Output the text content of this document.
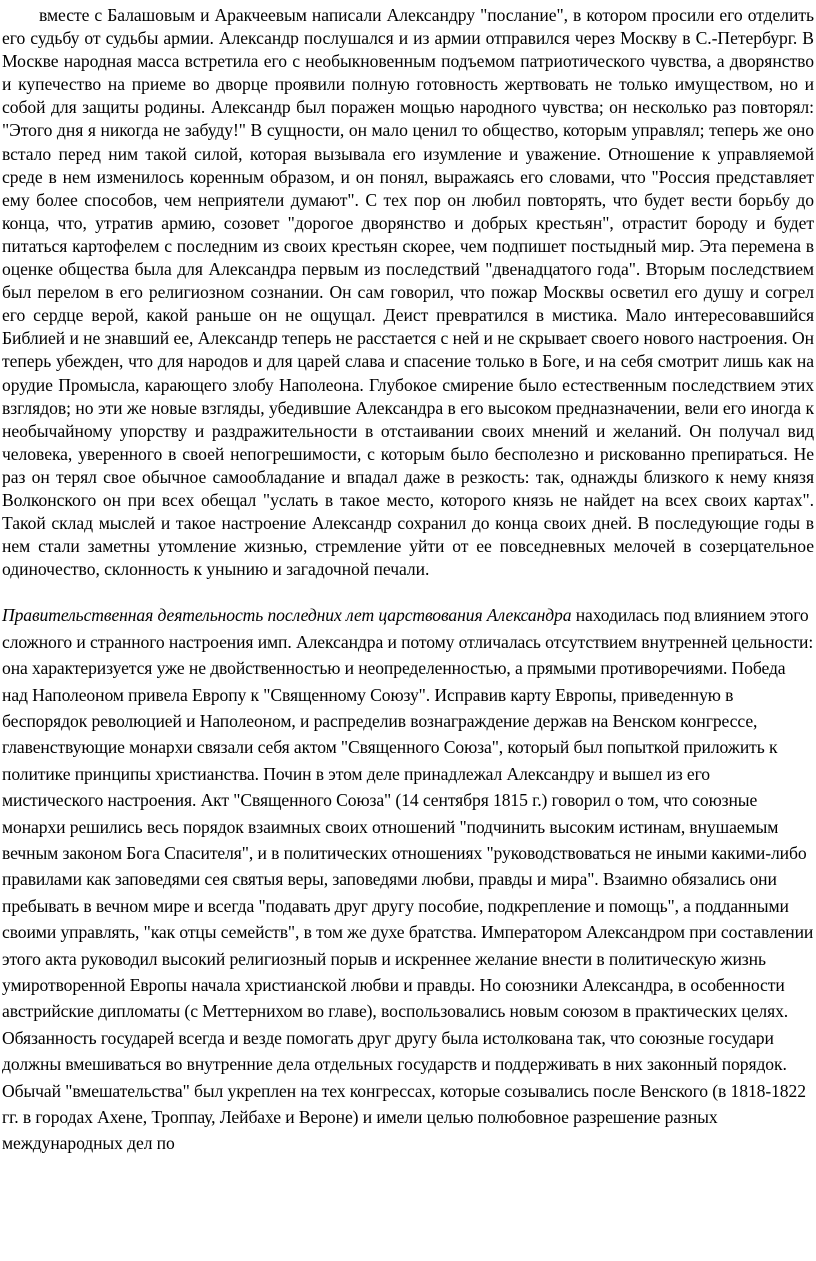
вместе с Балашовым и Аракчеевым написали Александру "послание", в котором просили его отделить его судьбу от судьбы армии. Александр послушался и из армии отправился через Москву в С.-Петербург. В Москве народная масса встретила его с необыкновенным подъемом патриотического чувства, а дворянство и купечество на приеме во дворце проявили полную готовность жертвовать не только имуществом, но и собой для защиты родины. Александр был поражен мощью народного чувства; он несколько раз повторял: "Этого дня я никогда не забуду!" В сущности, он мало ценил то общество, которым управлял; теперь же оно встало перед ним такой силой, которая вызывала его изумление и уважение. Отношение к управляемой среде в нем изменилось коренным образом, и он понял, выражаясь его словами, что "Россия представляет ему более способов, чем неприятели думают". С тех пор он любил повторять, что будет вести борьбу до конца, что, утратив армию, созовет "дорогое дворянство и добрых крестьян", отрастит бороду и будет питаться картофелем с последним из своих крестьян скорее, чем подпишет постыдный мир. Эта перемена в оценке общества была для Александра первым из последствий "двенадцатого года". Вторым последствием был перелом в его религиозном сознании. Он сам говорил, что пожар Москвы осветил его душу и согрел его сердце верой, какой раньше он не ощущал. Деист превратился в мистика. Мало интересовавшийся Библией и не знавший ее, Александр теперь не расстается с ней и не скрывает своего нового настроения. Он теперь убежден, что для народов и для царей слава и спасение только в Боге, и на себя смотрит лишь как на орудие Промысла, карающего злобу Наполеона. Глубокое смирение было естественным последствием этих взглядов; но эти же новые взгляды, убедившие Александра в его высоком предназначении, вели его иногда к необычайному упорству и раздражительности в отстаивании своих мнений и желаний. Он получал вид человека, уверенного в своей непогрешимости, с которым было бесполезно и рискованно препираться. Не раз он терял свое обычное самообладание и впадал даже в резкость: так, однажды близкого к нему князя Волконского он при всех обещал "услать в такое место, которого князь не найдет на всех своих картах". Такой склад мыслей и такое настроение Александр сохранил до конца своих дней. В последующие годы в нем стали заметны утомление жизнью, стремление уйти от ее повседневных мелочей в созерцательное одиночество, склонность к унынию и загадочной печали.

Правительственная деятельность последних лет царствования Александра находилась под влиянием этого сложного и странного настроения имп. Александра и потому отличалась отсутствием внутренней цельности: она характеризуется уже не двойственностью и неопределенностью, а прямыми противоречиями. Победа над Наполеоном привела Европу к "Священному Союзу". Исправив карту Европы, приведенную в беспорядок революцией и Наполеоном, и распределив вознаграждение держав на Венском конгрессе, главенствующие монархи связали себя актом "Священного Союза", который был попыткой приложить к политике принципы христианства. Почин в этом деле принадлежал Александру и вышел из его мистического настроения. Акт "Священного Союза" (14 сентября 1815 г.) говорил о том, что союзные монархи решились весь порядок взаимных своих отношений "подчинить высоким истинам, внушаемым вечным законом Бога Спасителя", и в политических отношениях "руководствоваться не иными какими-либо правилами как заповедями сея святыя веры, заповедями любви, правды и мира". Взаимно обязались они пребывать в вечном мире и всегда "подавать друг другу пособие, подкрепление и помощь", а подданными своими управлять, "как отцы семейств", в том же духе братства. Императором Александром при составлении этого акта руководил высокий религиозный порыв и искреннее желание внести в политическую жизнь умиротворенной Европы начала христианской любви и правды. Но союзники Александра, в особенности австрийские дипломаты (с Меттернихом во главе), воспользовались новым союзом в практических целях. Обязанность государей всегда и везде помогать друг другу была истолкована так, что союзные государи должны вмешиваться во внутренние дела отдельных государств и поддерживать в них законный порядок. Обычай "вмешательства" был укреплен на тех конгрессах, которые созывались после Венского (в 1818-1822 гг. в городах Ахене, Троппау, Лейбахе и Вероне) и имели целью полюбовное разрешение разных международных дел по
